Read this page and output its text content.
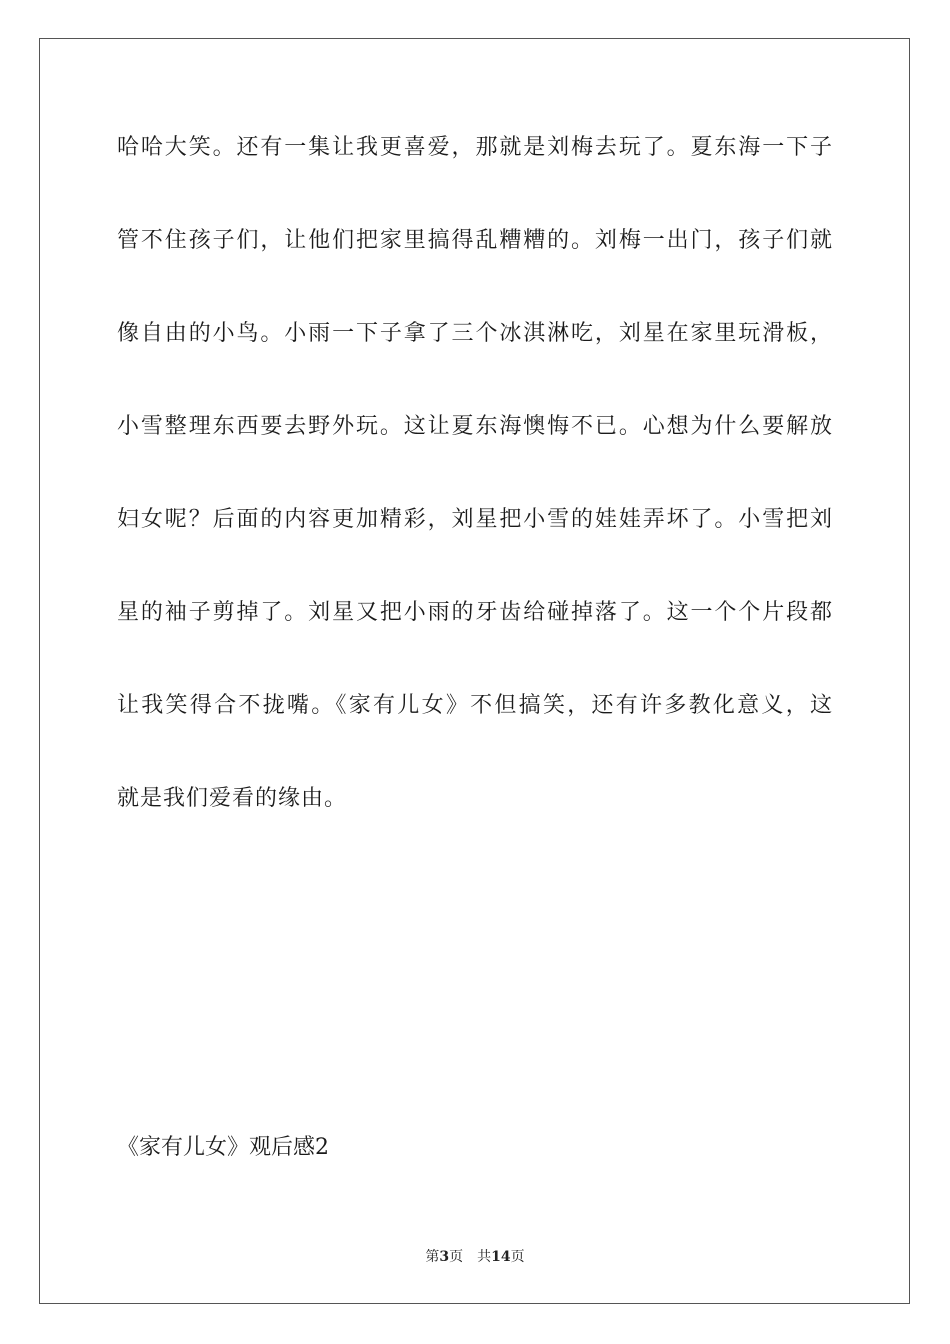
哈哈大笑。还有一集让我更喜爱，那就是刘梅去玩了。夏东海一下子
管不住孩子们，让他们把家里搞得乱糟糟的。刘梅一出门，孩子们就
像自由的小鸟。小雨一下子拿了三个冰淇淋吃，刘星在家里玩滑板，
小雪整理东西要去野外玩。这让夏东海懊悔不已。心想为什么要解放
妇女呢？后面的内容更加精彩，刘星把小雪的娃娃弄坏了。小雪把刘
星的袖子剪掉了。刘星又把小雨的牙齿给碰掉落了。这一个个片段都
让我笑得合不拢嘴。《家有儿女》不但搞笑，还有许多教化意义，这
就是我们爱看的缘由。
《家有儿女》观后感2
第3页　共14页
